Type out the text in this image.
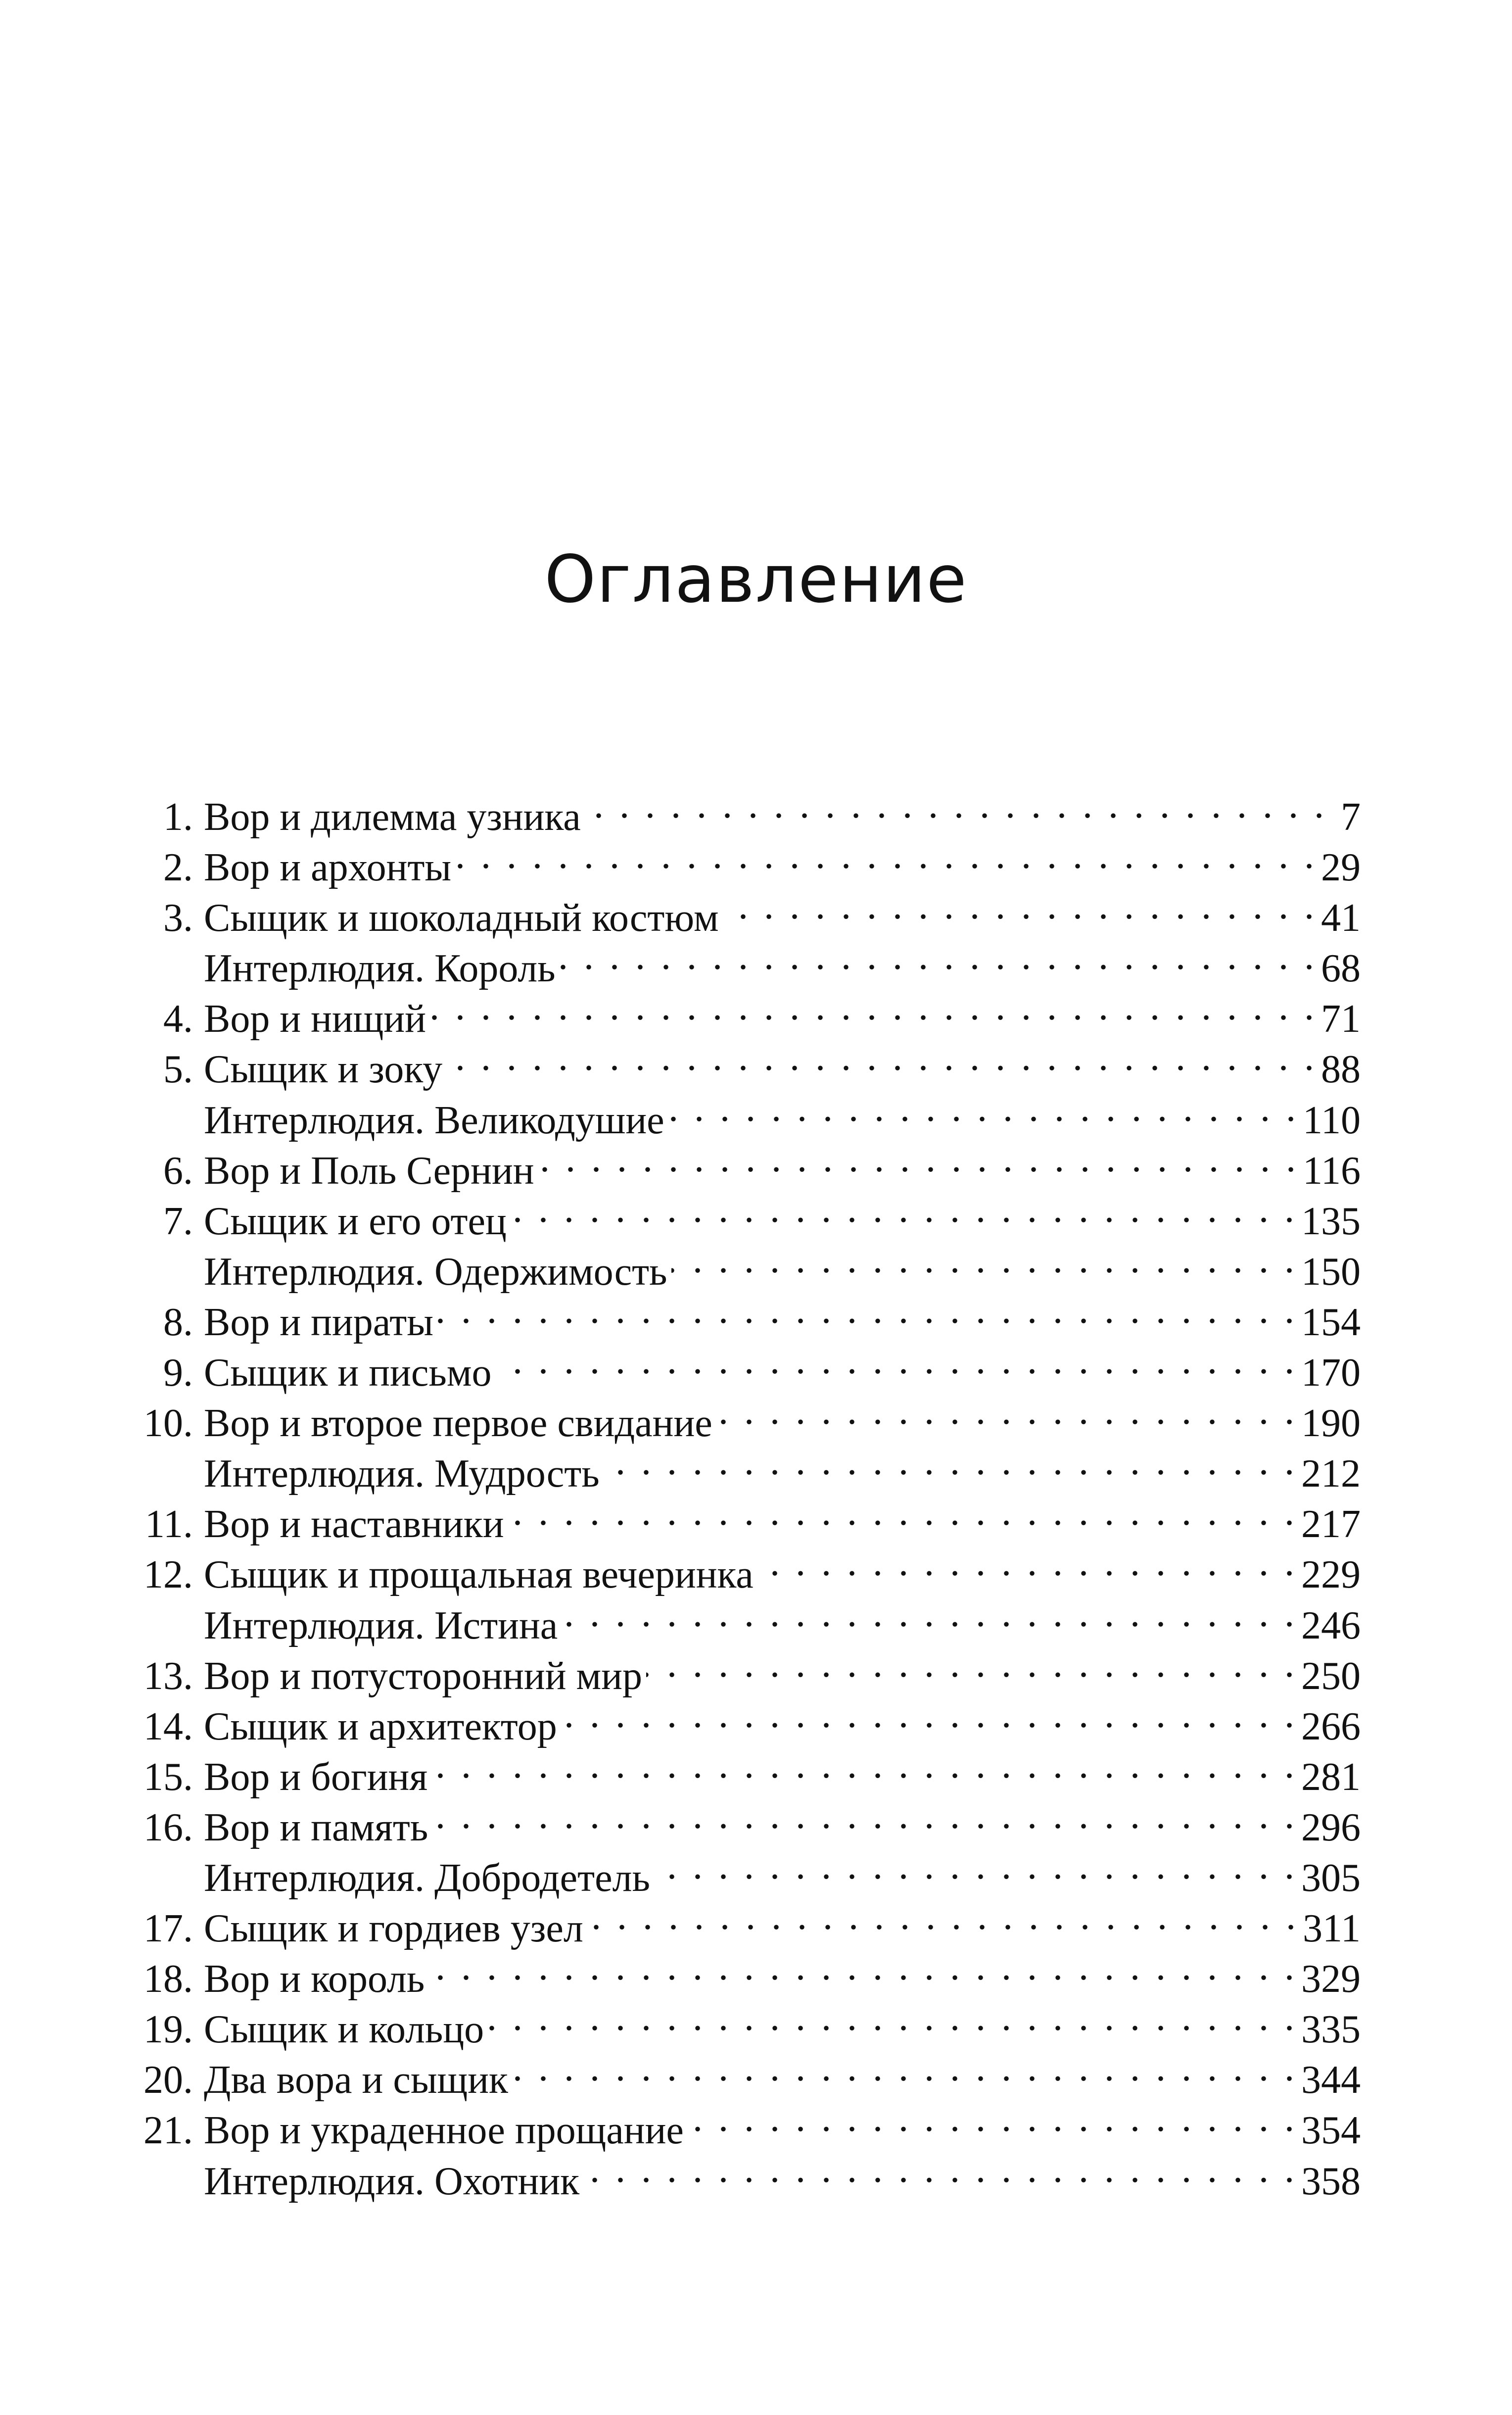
Оглавление
1. Вор и дилемма узника . . .	7
2. Вор и архонты . . .	29
3. Сыщик и шоколадный костюм . . .	41
Интерлюдия. Король . . .	68
4. Вор и нищий . . .	71
5. Сыщик и зоку . . .	88
Интерлюдия. Великодушие . . .	110
6. Вор и Поль Сернин . . .	116
7. Сыщик и его отец . . .	135
Интерлюдия. Одержимость . . .	150
8. Вор и пираты . . .	154
9. Сыщик и письмо . . .	170
10. Вор и второе первое свидание . . .	190
Интерлюдия. Мудрость . . .	212
11. Вор и наставники . . .	217
12. Сыщик и прощальная вечеринка . . .	229
Интерлюдия. Истина . . .	246
13. Вор и потусторонний мир . . .	250
14. Сыщик и архитектор . . .	266
15. Вор и богиня . . .	281
16. Вор и память . . .	296
Интерлюдия. Добродетель . . .	305
17. Сыщик и гордиев узел . . .	311
18. Вор и король . . .	329
19. Сыщик и кольцо . . .	335
20. Два вора и сыщик . . .	344
21. Вор и украденное прощание . . .	354
Интерлюдия. Охотник . . .	358
